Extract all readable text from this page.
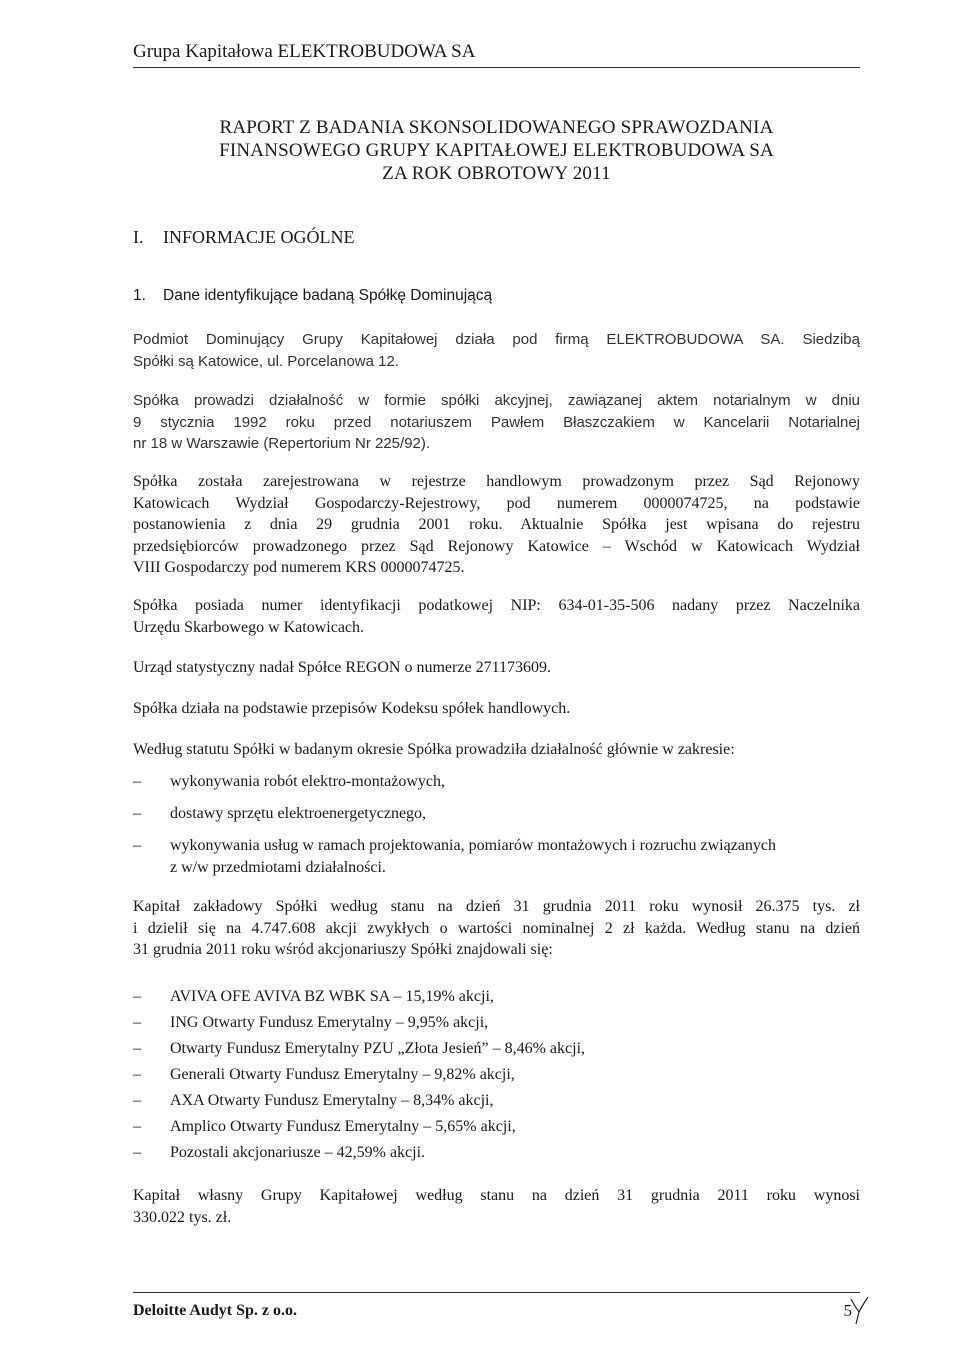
Grupa Kapitałowa ELEKTROBUDOWA SA
RAPORT Z BADANIA SKONSOLIDOWANEGO SPRAWOZDANIA
FINANSOWEGO GRUPY KAPITAŁOWEJ ELEKTROBUDOWA SA
ZA ROK OBROTOWY 2011
I. INFORMACJE OGÓLNE
1. Dane identyfikujące badaną Spółkę Dominującą
Podmiot Dominujący Grupy Kapitałowej działa pod firmą ELEKTROBUDOWA SA. Siedzibą
Spółki są Katowice, ul. Porcelanowa 12.
Spółka prowadzi działalność w formie spółki akcyjnej, zawiązanej aktem notarialnym w dniu
9 stycznia 1992 roku przed notariuszem Pawłem Błaszczakiem w Kancelarii Notarialnej
nr 18 w Warszawie (Repertorium Nr 225/92).
Spółka została zarejestrowana w rejestrze handlowym prowadzonym przez Sąd Rejonowy
Katowicach Wydział Gospodarczy-Rejestrowy, pod numerem 0000074725, na podstawie
postanowienia z dnia 29 grudnia 2001 roku. Aktualnie Spółka jest wpisana do rejestru
przedsiębiorców prowadzonego przez Sąd Rejonowy Katowice – Wschód w Katowicach Wydział
VIII Gospodarczy pod numerem KRS 0000074725.
Spółka posiada numer identyfikacji podatkowej NIP: 634-01-35-506 nadany przez Naczelnika
Urzędu Skarbowego w Katowicach.
Urząd statystyczny nadał Spółce REGON o numerze 271173609.
Spółka działa na podstawie przepisów Kodeksu spółek handlowych.
Według statutu Spółki w badanym okresie Spółka prowadziła działalność głównie w zakresie:
– wykonywania robót elektro-montażowych,
– dostawy sprzętu elektroenergetycznego,
– wykonywania usług w ramach projektowania, pomiarów montażowych i rozruchu związanych
z w/w przedmiotami działalności.
Kapitał zakładowy Spółki według stanu na dzień 31 grudnia 2011 roku wynosił 26.375 tys. zł
i dzielił się na 4.747.608 akcji zwykłych o wartości nominalnej 2 zł każda. Według stanu na dzień
31 grudnia 2011 roku wśród akcjonariuszy Spółki znajdowali się:
– AVIVA OFE AVIVA BZ WBK SA – 15,19% akcji,
– ING Otwarty Fundusz Emerytalny – 9,95% akcji,
– Otwarty Fundusz Emerytalny PZU „Złota Jesień” – 8,46% akcji,
– Generali Otwarty Fundusz Emerytalny – 9,82% akcji,
– AXA Otwarty Fundusz Emerytalny – 8,34% akcji,
– Amplico Otwarty Fundusz Emerytalny – 5,65% akcji,
– Pozostali akcjonariusze – 42,59% akcji.
Kapitał własny Grupy Kapitałowej według stanu na dzień 31 grudnia 2011 roku wynosi
330.022 tys. zł.
Deloitte Audyt Sp. z o.o.	5
